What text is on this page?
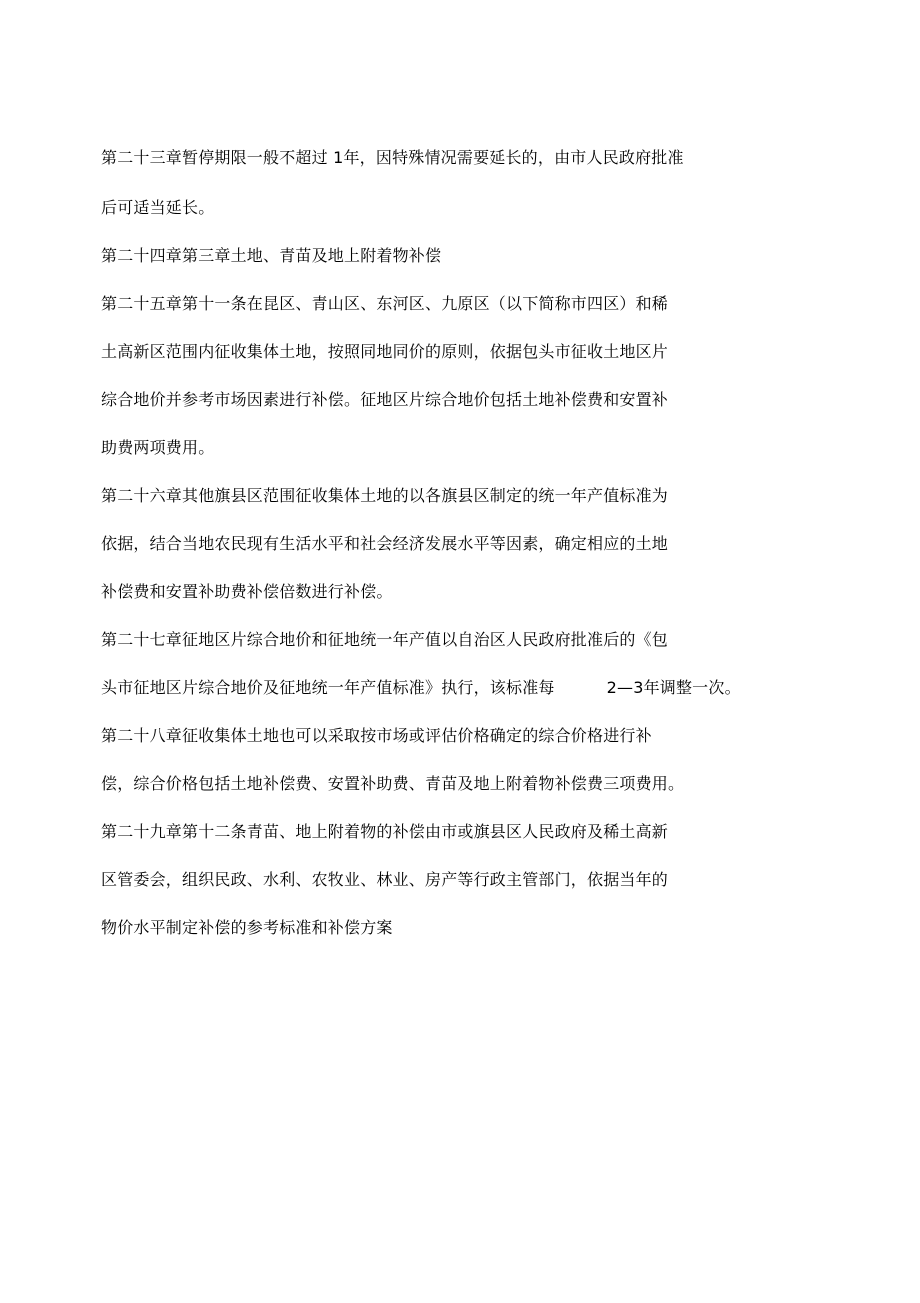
第二十三章暂停期限一般不超过 1年，因特殊情况需要延长的，由市人民政府批准
后可适当延长。
第二十四章第三章土地、青苗及地上附着物补偿
第二十五章第十一条在昆区、青山区、东河区、九原区（以下简称市四区）和稀
土高新区范围内征收集体土地，按照同地同价的原则，依据包头市征收土地区片
综合地价并参考市场因素进行补偿。征地区片综合地价包括土地补偿费和安置补
助费两项费用。
第二十六章其他旗县区范围征收集体土地的以各旗县区制定的统一年产值标准为
依据，结合当地农民现有生活水平和社会经济发展水平等因素，确定相应的土地
补偿费和安置补助费补偿倍数进行补偿。
第二十七章征地区片综合地价和征地统一年产值以自治区人民政府批准后的《包
头市征地区片综合地价及征地统一年产值标准》执行，该标准每	2—3年调整一次。
第二十八章征收集体土地也可以采取按市场或评估价格确定的综合价格进行补
偿，综合价格包括土地补偿费、安置补助费、青苗及地上附着物补偿费三项费用。
第二十九章第十二条青苗、地上附着物的补偿由市或旗县区人民政府及稀土高新
区管委会，组织民政、水利、农牧业、林业、房产等行政主管部门，依据当年的
物价水平制定补偿的参考标准和补偿方案
